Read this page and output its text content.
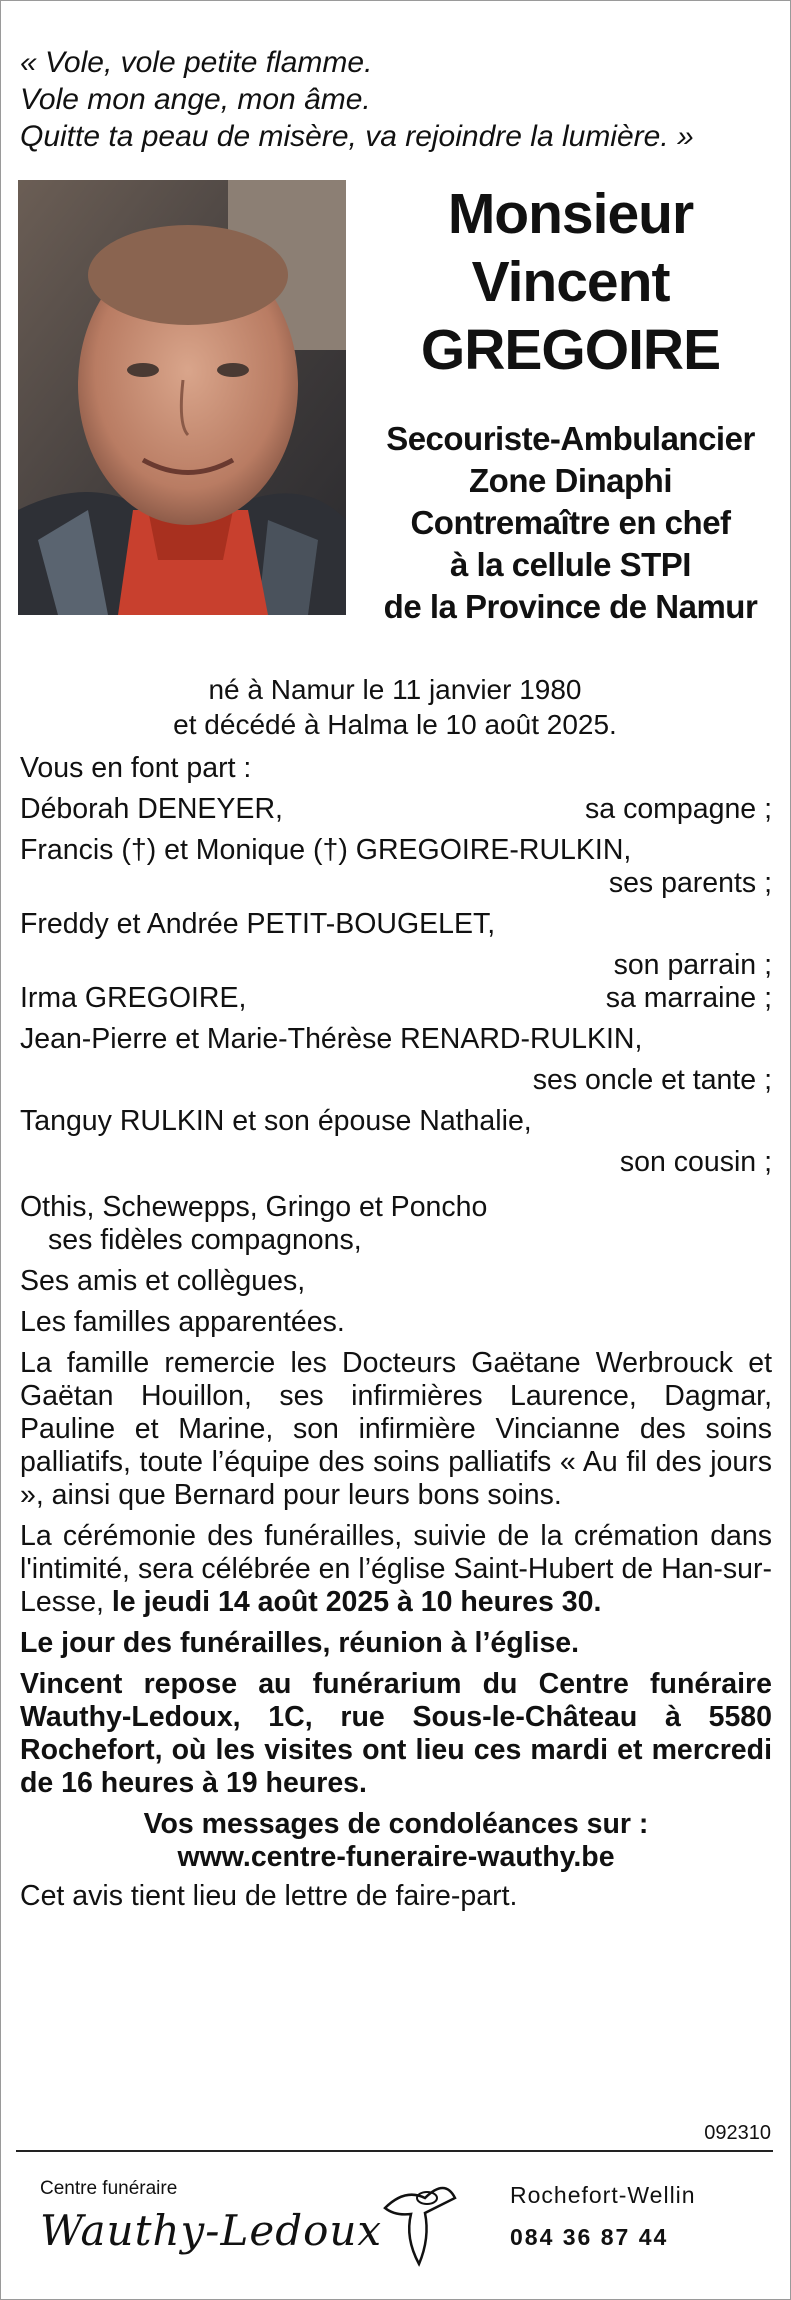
« Vole, vole petite flamme.
Vole mon ange, mon âme.
Quitte ta peau de misère, va rejoindre la lumière. »
Monsieur
Vincent
GREGOIRE
Secouriste-Ambulancier
Zone Dinaphi
Contremaître en chef
à la cellule STPI
de la Province de Namur
né à Namur le 11 janvier 1980
et décédé à Halma le 10 août 2025.
Vous en font part :
Déborah DENEYER,	sa compagne ;
Francis (†) et Monique (†) GREGOIRE-RULKIN,
ses parents ;
Freddy et Andrée PETIT-BOUGELET,
son parrain ;
Irma GREGOIRE,	sa marraine ;
Jean-Pierre et Marie-Thérèse RENARD-RULKIN,
ses oncle et tante ;
Tanguy RULKIN et son épouse Nathalie,
son cousin ;
Othis, Schewepps, Gringo et Poncho
ses fidèles compagnons,
Ses amis et collègues,
Les familles apparentées.
La famille remercie les Docteurs Gaëtane Werbrouck et Gaëtan Houillon, ses infirmières Laurence, Dagmar, Pauline et Marine, son infirmière Vincianne des soins palliatifs, toute l’équipe des soins palliatifs « Au fil des jours », ainsi que Bernard pour leurs bons soins.
La cérémonie des funérailles, suivie de la crémation dans l'intimité, sera célébrée en l’église Saint-Hubert de Han-sur-Lesse, le jeudi 14 août 2025 à 10 heures 30.
Le jour des funérailles, réunion à l’église.
Vincent repose au funérarium du Centre funéraire Wauthy-Ledoux, 1C, rue Sous-le-Château à 5580 Rochefort, où les visites ont lieu ces mardi et mercredi de 16 heures à 19 heures.
Vos messages de condoléances sur :
www.centre-funeraire-wauthy.be
Cet avis tient lieu de lettre de faire-part.
092310
Centre funéraire
Wauthy-Ledoux
Rochefort-Wellin
084 36 87 44
